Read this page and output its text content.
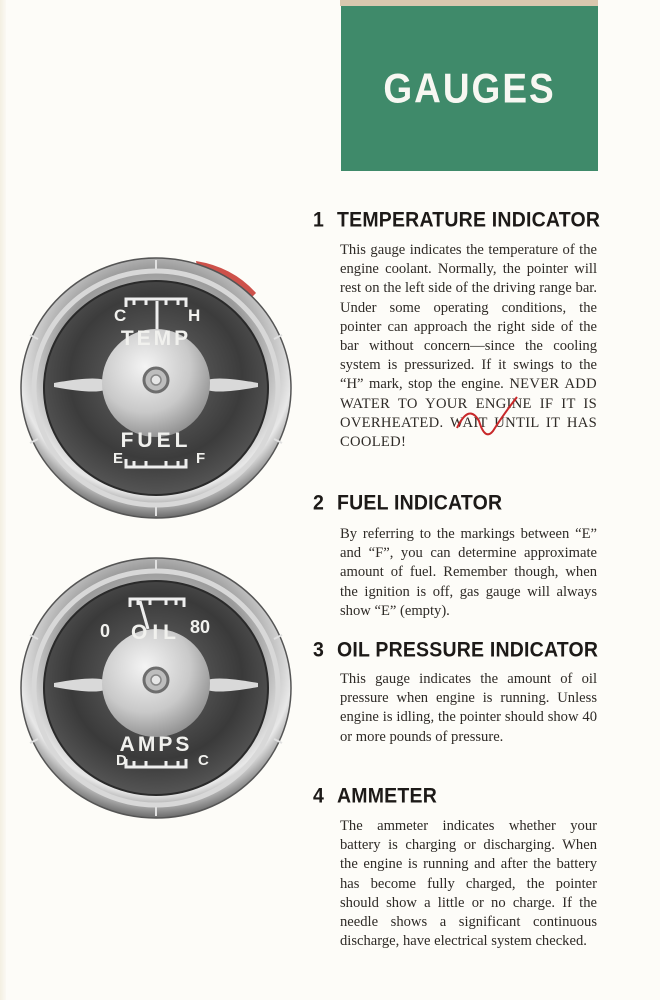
GAUGES
C	H
TEMP
FUEL
E	F
0	80
OIL
AMPS
D	C
1 TEMPERATURE INDICATOR

This gauge indicates the temperature of the engine coolant. Normally, the pointer will rest on the left side of the driving range bar. Under some operating conditions, the pointer can approach the right side of the bar without concern—since the cooling system is pressurized. If it swings to the “H” mark, stop the engine. NEVER ADD WATER TO YOUR ENGINE IF IT IS OVERHEATED. WAIT UNTIL IT HAS COOLED!

2 FUEL INDICATOR

By referring to the markings between “E” and “F”, you can determine approximate amount of fuel. Remember though, when the ignition is off, gas gauge will always show “E” (empty).

3 OIL PRESSURE INDICATOR

This gauge indicates the amount of oil pressure when engine is running. Unless engine is idling, the pointer should show 40 or more pounds of pressure.

4 AMMETER

The ammeter indicates whether your battery is charging or discharging. When the engine is running and after the battery has become fully charged, the pointer should show a little or no charge. If the needle shows a significant continuous discharge, have electrical system checked.
